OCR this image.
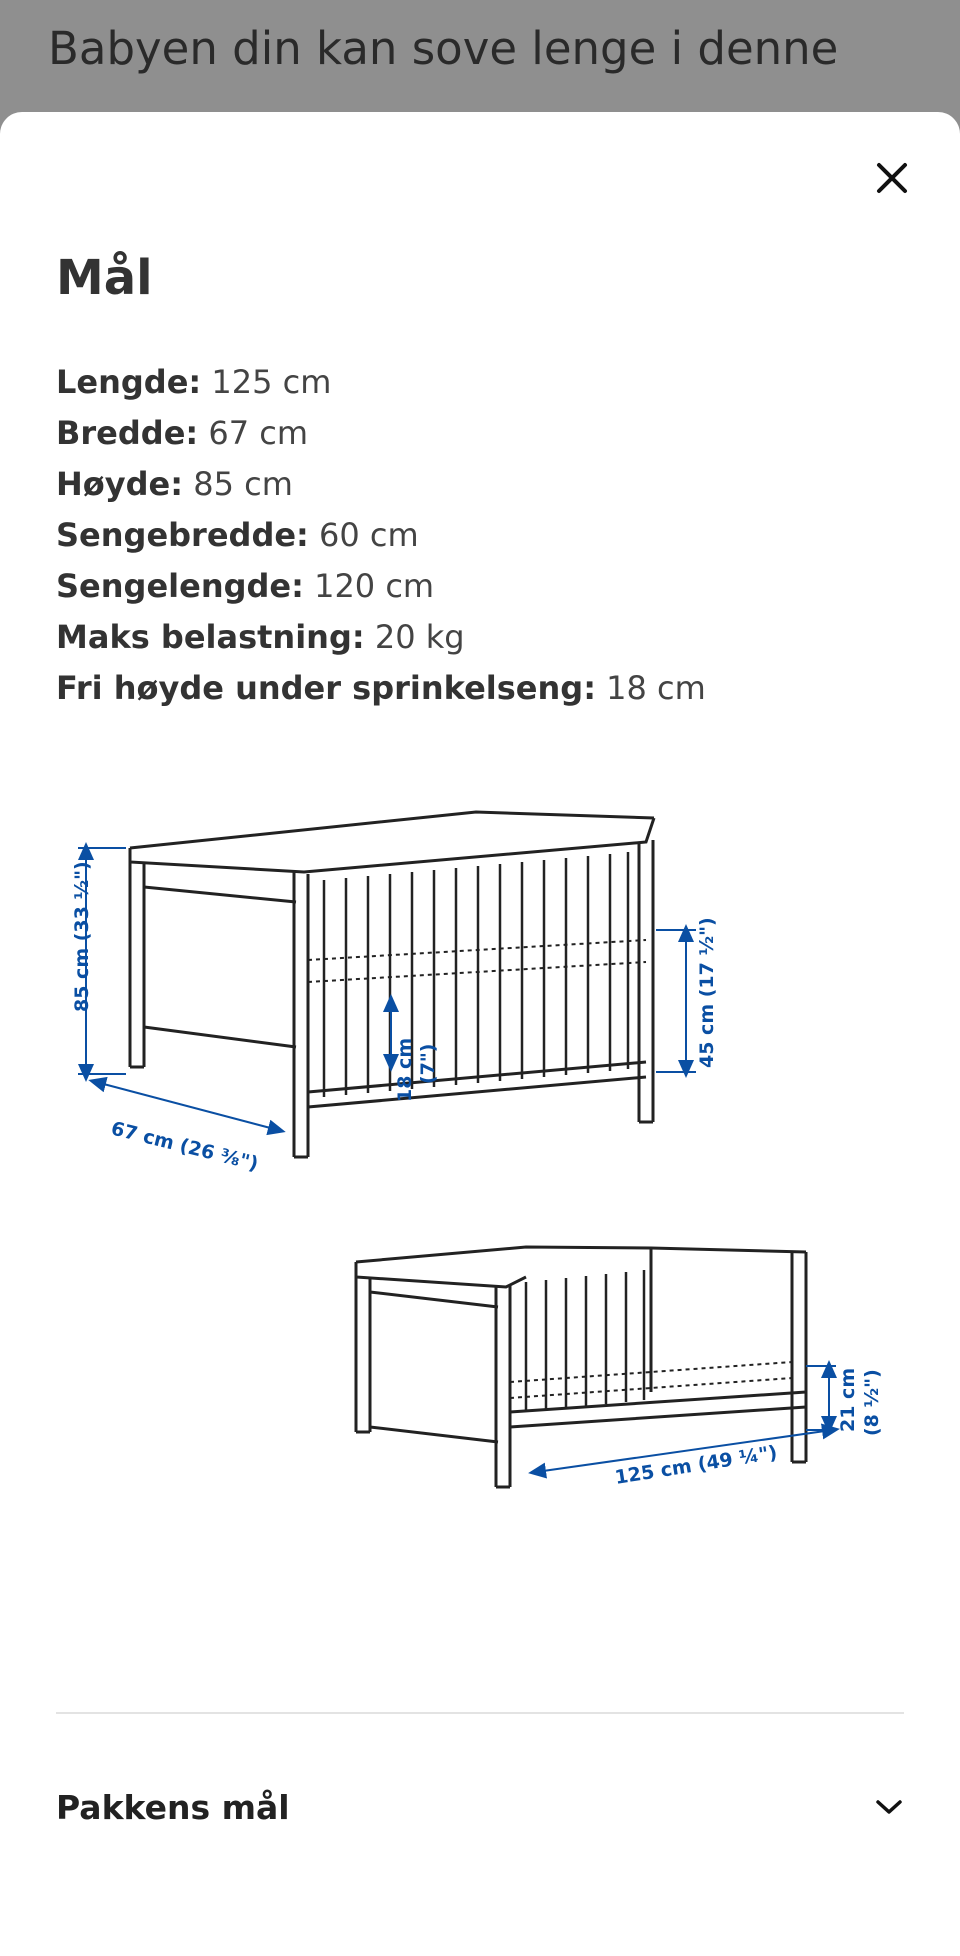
Babyen din kan sove lenge i denne
Mål
Lengde: 125 cm
Bredde: 67 cm
Høyde: 85 cm
Sengebredde: 60 cm
Sengelengde: 120 cm
Maks belastning: 20 kg
Fri høyde under sprinkelseng: 18 cm
85 cm (33 ½")
67 cm (26 ⅜")
18 cm (7")	45 cm (17 ½")
125 cm (49 ¼")
21 cm (8 ½")
Pakkens mål
